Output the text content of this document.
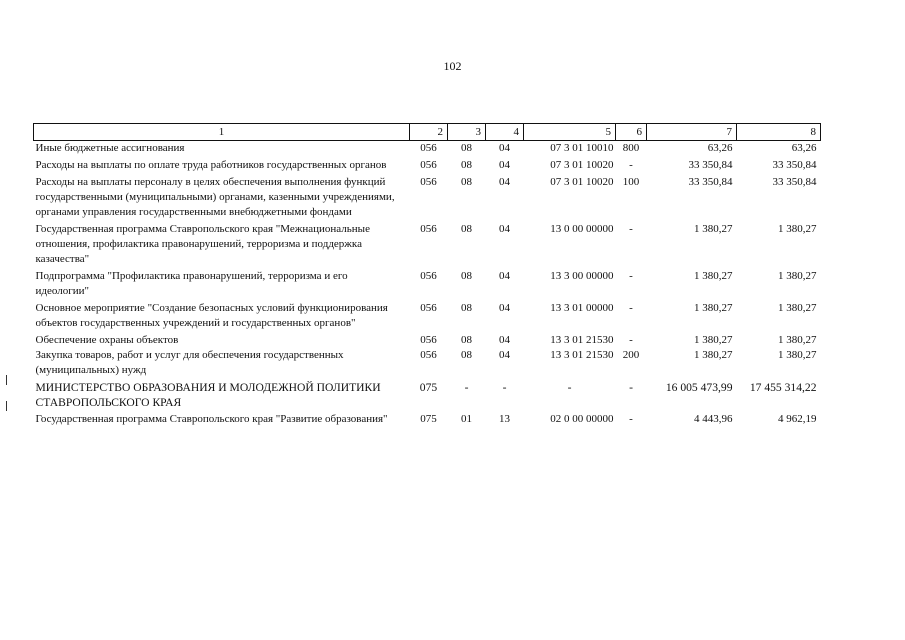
102
1	2	3	4	5	6	7	8
Иные бюджетные ассигнования	056	08	04	07 3 01 10010	800	63,26	63,26
Расходы на выплаты по оплате труда работников государственных органов	056	08	04	07 3 01 10020	-	33 350,84	33 350,84
Расходы на выплаты персоналу в целях обеспечения выполнения функций государственными (муниципальными) органами, казенными учреждениями, органами управления государственными внебюджетными фондами	056	08	04	07 3 01 10020	100	33 350,84	33 350,84
Государственная программа Ставропольского края "Межнациональные отношения, профилактика правонарушений, терроризма и поддержка казачества"	056	08	04	13 0 00 00000	-	1 380,27	1 380,27
Подпрограмма "Профилактика правонарушений, терроризма и его идеологии"	056	08	04	13 3 00 00000	-	1 380,27	1 380,27
Основное мероприятие "Создание безопасных условий функционирования объектов государственных учреждений и государственных органов"	056	08	04	13 3 01 00000	-	1 380,27	1 380,27
Обеспечение охраны объектов	056	08	04	13 3 01 21530	-	1 380,27	1 380,27
Закупка товаров, работ и услуг для обеспечения государственных (муниципальных) нужд	056	08	04	13 3 01 21530	200	1 380,27	1 380,27
МИНИСТЕРСТВО ОБРАЗОВАНИЯ И МОЛОДЕЖНОЙ ПОЛИТИКИ СТАВРОПОЛЬСКОГО КРАЯ	075	-	-	-	-	16 005 473,99	17 455 314,22
Государственная программа Ставропольского края "Развитие образования"	075	01	13	02 0 00 00000	-	4 443,96	4 962,19
